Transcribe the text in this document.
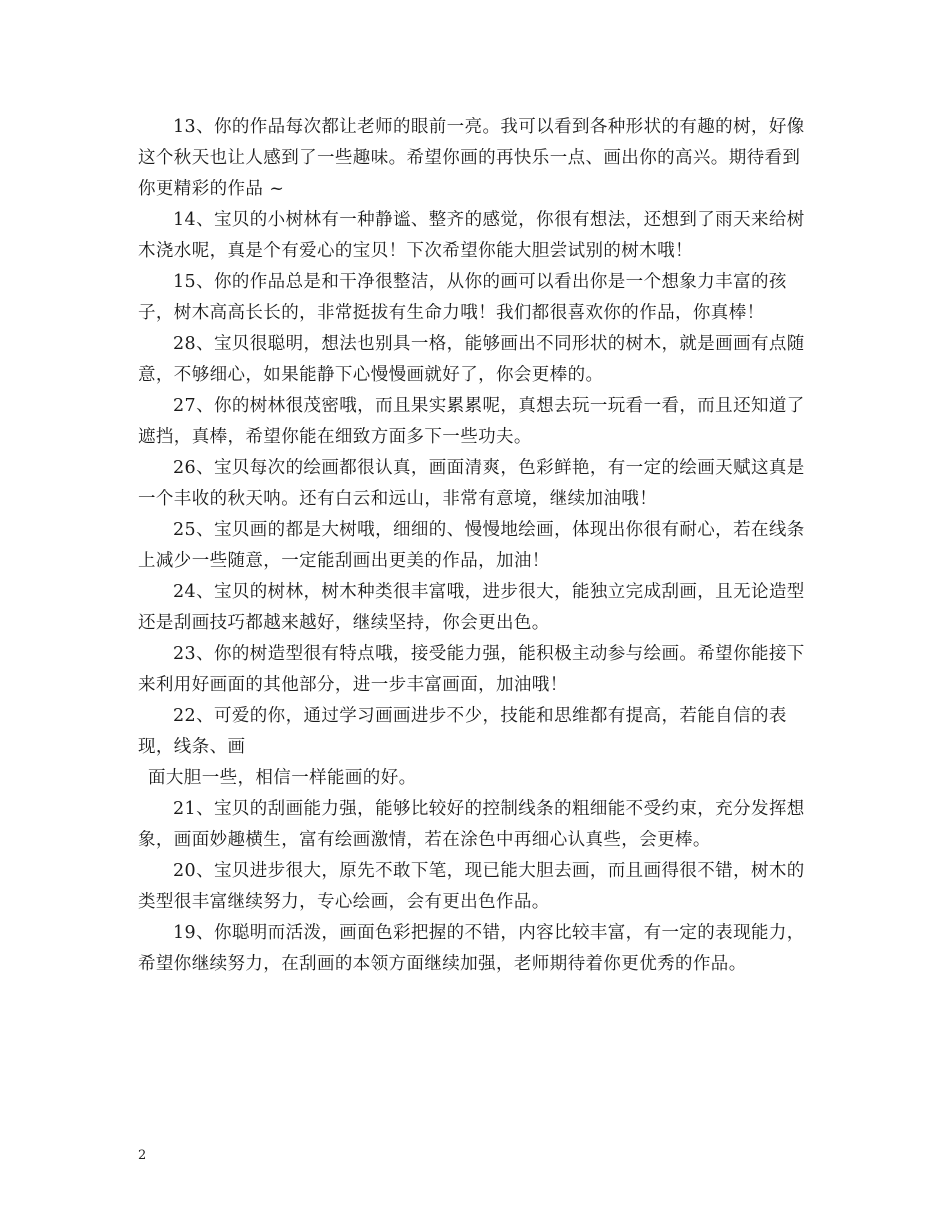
13、你的作品每次都让老师的眼前一亮。我可以看到各种形状的有趣的树，好像这个秋天也让人感到了一些趣味。希望你画的再快乐一点、画出你的高兴。期待看到你更精彩的作品 ~

14、宝贝的小树林有一种静谧、整齐的感觉，你很有想法，还想到了雨天来给树木浇水呢，真是个有爱心的宝贝！下次希望你能大胆尝试别的树木哦！

15、你的作品总是和干净很整洁，从你的画可以看出你是一个想象力丰富的孩子，树木高高长长的，非常挺拔有生命力哦！我们都很喜欢你的作品，你真棒！

28、宝贝很聪明，想法也别具一格，能够画出不同形状的树木，就是画画有点随意，不够细心，如果能静下心慢慢画就好了，你会更棒的。

27、你的树林很茂密哦，而且果实累累呢，真想去玩一玩看一看，而且还知道了遮挡，真棒，希望你能在细致方面多下一些功夫。

26、宝贝每次的绘画都很认真，画面清爽，色彩鲜艳，有一定的绘画天赋这真是一个丰收的秋天呐。还有白云和远山，非常有意境，继续加油哦！

25、宝贝画的都是大树哦，细细的、慢慢地绘画，体现出你很有耐心，若在线条上减少一些随意，一定能刮画出更美的作品，加油！

24、宝贝的树林，树木种类很丰富哦，进步很大，能独立完成刮画，且无论造型还是刮画技巧都越来越好，继续坚持，你会更出色。

23、你的树造型很有特点哦，接受能力强，能积极主动参与绘画。希望你能接下来利用好画面的其他部分，进一步丰富画面，加油哦！

22、可爱的你，通过学习画画进步不少，技能和思维都有提高，若能自信的表现，线条、画

面大胆一些，相信一样能画的好。

21、宝贝的刮画能力强，能够比较好的控制线条的粗细能不受约束，充分发挥想象，画面妙趣横生，富有绘画激情，若在涂色中再细心认真些，会更棒。

20、宝贝进步很大，原先不敢下笔，现已能大胆去画，而且画得很不错，树木的类型很丰富继续努力，专心绘画，会有更出色作品。

19、你聪明而活泼，画面色彩把握的不错，内容比较丰富，有一定的表现能力，希望你继续努力，在刮画的本领方面继续加强，老师期待着你更优秀的作品。

2
